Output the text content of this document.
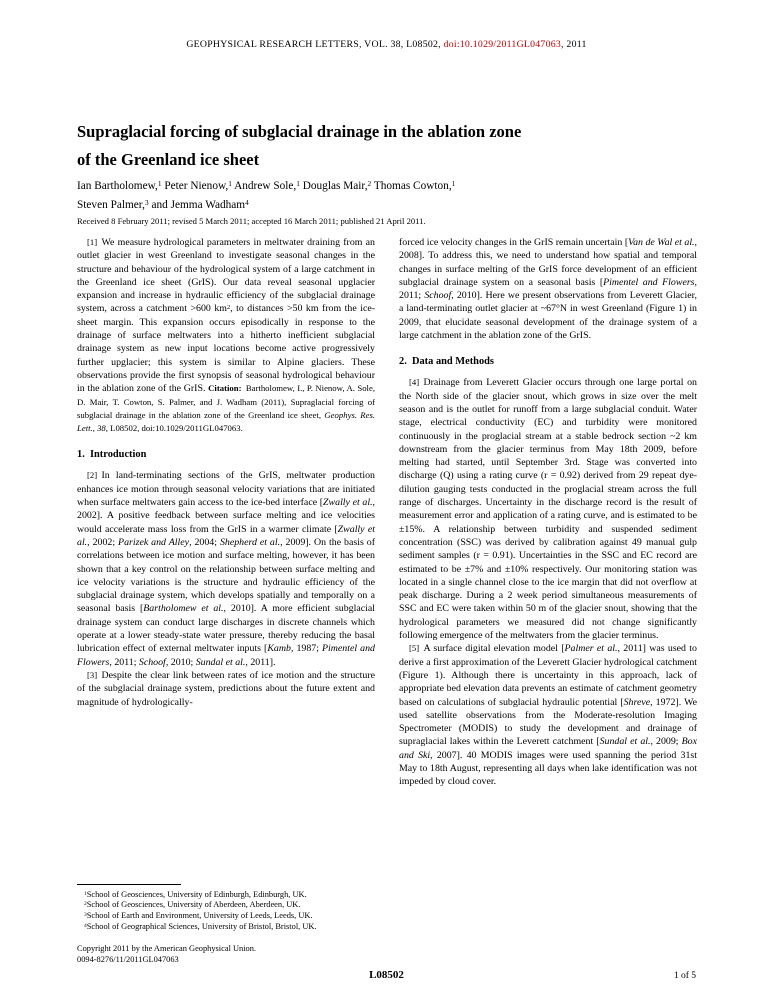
GEOPHYSICAL RESEARCH LETTERS, VOL. 38, L08502, doi:10.1029/2011GL047063, 2011
Supraglacial forcing of subglacial drainage in the ablation zone
of the Greenland ice sheet
Ian Bartholomew,$^1$ Peter Nienow,$^1$ Andrew Sole,$^1$ Douglas Mair,$^2$ Thomas Cowton,$^1$
Steven Palmer,$^3$ and Jemma Wadham$^4$
Received 8 February 2011; revised 5 March 2011; accepted 16 March 2011; published 21 April 2011.

[1] We measure hydrological parameters in meltwater draining from an outlet glacier in west Greenland to investigate seasonal changes in the structure and behaviour of the hydrological system of a large catchment in the Greenland ice sheet (GrIS). Our data reveal seasonal upglacier expansion and increase in hydraulic efficiency of the subglacial drainage system, across a catchment >600 $km^2$, to distances >50 km from the ice-sheet margin. This expansion occurs episodically in response to the drainage of surface meltwaters into a hitherto inefficient subglacial drainage system as new input locations become active progressively further upglacier; this system is similar to Alpine glaciers. These observations provide the first synopsis of seasonal hydrological behaviour in the ablation zone of the GrIS. Citation: Bartholomew, I., P. Nienow, A. Sole, D. Mair, T. Cowton, S. Palmer, and J. Wadham (2011), Supraglacial forcing of subglacial drainage in the ablation zone of the Greenland ice sheet, Geophys. Res. Lett., 38, L08502, doi:10.1029/2011GL047063.

1.  Introduction

[2] In land-terminating sections of the GrIS, meltwater production enhances ice motion through seasonal velocity variations that are initiated when surface meltwaters gain access to the ice-bed interface [Zwally et al., 2002]. A positive feedback between surface melting and ice velocities would accelerate mass loss from the GrIS in a warmer climate [Zwally et al., 2002; Parizek and Alley, 2004; Shepherd et al., 2009]. On the basis of correlations between ice motion and surface melting, however, it has been shown that a key control on the relationship between surface melting and ice velocity variations is the structure and hydraulic efficiency of the subglacial drainage system, which develops spatially and temporally on a seasonal basis [Bartholomew et al., 2010]. A more efficient subglacial drainage system can conduct large discharges in discrete channels which operate at a lower steady-state water pressure, thereby reducing the basal lubrication effect of external meltwater inputs [Kamb, 1987; Pimentel and Flowers, 2011; Schoof, 2010; Sundal et al., 2011].

[3] Despite the clear link between rates of ice motion and the structure of the subglacial drainage system, predictions about the future extent and magnitude of hydrologically-

$^1$School of Geosciences, University of Edinburgh, Edinburgh, UK.
$^2$School of Geosciences, University of Aberdeen, Aberdeen, UK.
$^3$School of Earth and Environment, University of Leeds, Leeds, UK.
$^4$School of Geographical Sciences, University of Bristol, Bristol, UK.
Copyright 2011 by the American Geophysical Union.
0094-8276/11/2011GL047063

forced ice velocity changes in the GrIS remain uncertain [Van de Wal et al., 2008]. To address this, we need to understand how spatial and temporal changes in surface melting of the GrIS force development of an efficient subglacial drainage system on a seasonal basis [Pimentel and Flowers, 2011; Schoof, 2010]. Here we present observations from Leverett Glacier, a land-terminating outlet glacier at ~67°N in west Greenland (Figure 1) in 2009, that elucidate seasonal development of the drainage system of a large catchment in the ablation zone of the GrIS.

2.  Data and Methods

[4] Drainage from Leverett Glacier occurs through one large portal on the North side of the glacier snout, which grows in size over the melt season and is the outlet for runoff from a large subglacial conduit. Water stage, electrical conductivity (EC) and turbidity were monitored continuously in the proglacial stream at a stable bedrock section ~2 km downstream from the glacier terminus from May 18th 2009, before melting had started, until September 3rd. Stage was converted into discharge (Q) using a rating curve (r = 0.92) derived from 29 repeat dye-dilution gauging tests conducted in the proglacial stream across the full range of discharges. Uncertainty in the discharge record is the result of measurement error and application of a rating curve, and is estimated to be ±15%. A relationship between turbidity and suspended sediment concentration (SSC) was derived by calibration against 49 manual gulp sediment samples (r = 0.91). Uncertainties in the SSC and EC record are estimated to be ±7% and ±10% respectively. Our monitoring station was located in a single channel close to the ice margin that did not overflow at peak discharge. During a 2 week period simultaneous measurements of SSC and EC were taken within 50 m of the glacier snout, showing that the hydrological parameters we measured did not change significantly following emergence of the meltwaters from the glacier terminus.

[5] A surface digital elevation model [Palmer et al., 2011] was used to derive a first approximation of the Leverett Glacier hydrological catchment (Figure 1). Although there is uncertainty in this approach, lack of appropriate bed elevation data prevents an estimate of catchment geometry based on calculations of subglacial hydraulic potential [Shreve, 1972]. We used satellite observations from the Moderate-resolution Imaging Spectrometer (MODIS) to study the development and drainage of supraglacial lakes within the Leverett catchment [Sundal et al., 2009; Box and Ski, 2007]. 40 MODIS images were used spanning the period 31st May to 18th August, representing all days when lake identification was not impeded by cloud cover.

L08502	1 of 5
